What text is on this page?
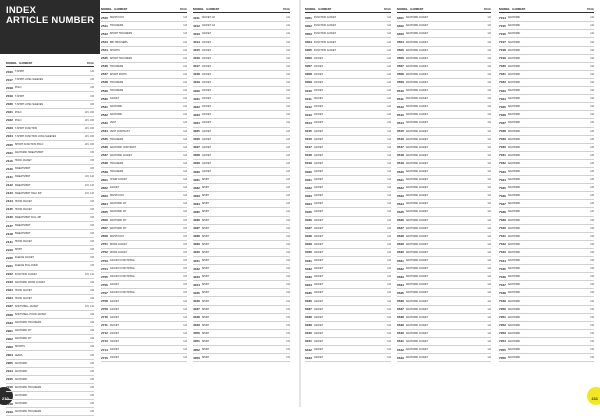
INDEX
ARTICLE NUMBER
210	211
MODEL GARMENT	PAGE
2016 T-SHIRT	115
2017 T-SHIRT LONG SLEEVES	115
2018 POLO	115
2019 T-SHIRT	115
2020 T-SHIRT LONG SLEEVES	115
2021 POLO	115, 166
2022 POLO	115, 166
2023 T-SHIRT FUNCTION	115, 166
2024 T-SHIRT FUNCTION LONG SLEEVES	115, 166
2025 SPORT FUNCTION POLO	115, 166
2041 ANATOMIC SWEATSHIRT	115
2116 HOOD JACKET	115
2120 SWEATSHIRT	115
2121 SWEATSHIRT	115, 116
2122 SWEATSHIRT	115, 116
2123 SWEATSHIRT HALF ZIP	115, 116
2124 HOOD JACKET	115
2125 HOOD JACKET	115
2126 SWEATSHIRT FULL ZIP	115
2127 SWEATSHIRT	115
2128 SWEATSHIRT	115
2131 HOOD JACKET	115
2219 SHIRT	115
2220 FLEECE JACKET	115
2221 FLEECE PULLOVER	115
2222 FUNCTION JACKET	115, 116
2223 ANATOMIC WORK JACKET	115
2324 HOOD JACKET	115
2324 HOOD JACKET	115
2327 SOFTSHELL JACKET	115, 116
2328 SOFTSHELL HOOD JACKET	115
2333 ANATOMIC TROUSERS	115
2901 ANATOMIC FIT	115
2902 ANATOMIC FIT	115
2903 SHORTS	115
2904 JEANS	115
2905 ANATOMIC	115
2914 ANATOMIC	115
2915 ANATOMIC	115
2916 ANATOMIC TROUSERS	115
2917 ANATOMIC	115
2918 ANATOMIC	115
2919 ANATOMIC TROUSERS	115
MODEL GARMENT	PAGE
2520 WAISTCOAT	113
2521 TROUSERS	113
2522 SHORT TROUSERS	113
2523 BIB TROUSERS	113
2524 SHORTS	113
2525 SHORT TROUSERS	113
2526 TROUSERS	113
2527 SHORT PANTS	113
2528 TROUSERS	113
2529 TROUSERS	113
2530 JACKET	113
2531 ANATOMIC	113
2532 ANATOMIC	113
2533 VEST	113
2534 VEST CONTRAST	113
2535 TROUSERS	113
2536 ANATOMIC CONTRAST	113
2537 ANATOMIC JACKET	113
2538 TROUSERS	113
2539 TROUSERS	113
2601 CHAIR JACKET	113
2602 JACKET	113
2603 WAISTCOAT	113
2604 ANATOMIC FIT	113
2605 ANATOMIC FIT	113
2606 ANATOMIC FIT	113
2607 ANATOMIC FIT	113
2608 WAISTCOAT	113
2701 WORK JACKET	113
2702 WORK JACKET	113
2703 JACKET FUNCTIONAL	113
2704 JACKET FUNCTIONAL	113
2705 JACKET FUNCTIONAL	113
2706 JACKET	113
2707 JACKET FUNCTIONAL	113
2708 JACKET	113
2709 JACKET	113
2710 JACKET	113
2711 JACKET	113
2712 JACKET	113
2713 JACKET	113
2714 JACKET	113
2715 JACKET	113
MODEL GARMENT	PAGE
4011 JACKET 1/2	112
4012 JACKET 1/2	112
4013 JACKET	112
4014 JACKET	112
4015 JACKET	112
4016 JACKET	112
4017 JACKET	112
4018 JACKET	112
4019 JACKET	112
4020 JACKET	112
4021 JACKET	112
4022 JACKET	112
4023 JACKET	112
4024 JACKET	112
4025 JACKET	112
4026 JACKET	112
4027 JACKET	112
4028 JACKET	112
4029 JACKET	112
4030 JACKET	112
4031 SHIRT	112
4032 SHIRT	112
4033 SHIRT	112
4034 SHIRT	112
4035 SHIRT	112
4036 SHIRT	112
4037 SHIRT	112
4038 SHIRT	112
4039 SHIRT	112
4040 SHIRT	112
4041 SHIRT	112
4042 SHIRT	112
4043 SHIRT	112
4044 SHIRT	112
4045 SHIRT	112
4046 SHIRT	112
4047 SHIRT	112
4048 SHIRT	112
4049 SHIRT	112
4050 SHIRT	112
4051 SHIRT	112
4052 SHIRT	112
4053 SHIRT	112
MODEL GARMENT	PAGE
6001 FUNCTION JACKET	112
6002 FUNCTION JACKET	112
6003 FUNCTION JACKET	112
6004 FUNCTION JACKET	112
6005 FUNCTION JACKET	112
6006 JACKET	112
6007 JACKET	112
6008 JACKET	112
6009 JACKET	112
6010 JACKET	112
6011 JACKET	112
6012 JACKET	112
6013 JACKET	112
6014 JACKET	112
6015 JACKET	112
6016 JACKET	112
6017 JACKET	112
6018 JACKET	112
6019 JACKET	112
6020 JACKET	112
6021 JACKET	112
6022 JACKET	112
6023 JACKET	112
6024 JACKET	112
6025 JACKET	112
6026 JACKET	112
6027 JACKET	112
6028 JACKET	112
6029 JACKET	112
6030 JACKET	112
6031 JACKET	112
6032 JACKET	112
6033 JACKET	112
6034 JACKET	112
6035 JACKET	112
6036 JACKET	112
6037 JACKET	112
6038 JACKET	112
6039 JACKET	112
6040 JACKET	112
6041 JACKET	112
6042 JACKET	112
6043 JACKET	112
MODEL GARMENT	PAGE
6501 ANATOMIC JACKET	111
6502 ANATOMIC JACKET	111
6503 ANATOMIC JACKET	111
6504 ANATOMIC JACKET	111
6505 ANATOMIC JACKET	111
6506 ANATOMIC JACKET	111
6507 ANATOMIC JACKET	111
6508 ANATOMIC JACKET	111
6509 ANATOMIC JACKET	111
6510 ANATOMIC JACKET	111
6511 ANATOMIC JACKET	111
6512 ANATOMIC JACKET	111
6513 ANATOMIC JACKET	111
6514 ANATOMIC JACKET	111
6515 ANATOMIC JACKET	111
6516 ANATOMIC JACKET	111
6517 ANATOMIC JACKET	111
6518 ANATOMIC JACKET	111
6519 ANATOMIC JACKET	111
6520 ANATOMIC JACKET	111
6521 ANATOMIC JACKET	111
6522 ANATOMIC JACKET	111
6523 ANATOMIC JACKET	111
6524 ANATOMIC JACKET	111
6525 ANATOMIC JACKET	111
6526 ANATOMIC JACKET	111
6527 ANATOMIC JACKET	111
6528 ANATOMIC JACKET	111
6529 ANATOMIC JACKET	111
6530 ANATOMIC JACKET	111
6531 ANATOMIC JACKET	111
6532 ANATOMIC JACKET	111
6533 ANATOMIC JACKET	111
6534 ANATOMIC JACKET	111
6535 ANATOMIC JACKET	111
6536 ANATOMIC JACKET	111
6537 ANATOMIC JACKET	111
6538 ANATOMIC JACKET	111
6539 ANATOMIC JACKET	111
6540 ANATOMIC JACKET	111
6541 ANATOMIC JACKET	111
6542 ANATOMIC JACKET	111
6543 ANATOMIC JACKET	111
MODEL GARMENT	PAGE
7014 ANATOMIC	110
7015 ANATOMIC	110
7016 ANATOMIC	110
7017 ANATOMIC	110
7018 ANATOMIC	110
7019 ANATOMIC	110
7020 ANATOMIC	110
7021 ANATOMIC	110
7022 ANATOMIC	110
7023 ANATOMIC	110
7024 ANATOMIC	110
7025 ANATOMIC	110
7026 ANATOMIC	110
7027 ANATOMIC	110
7028 ANATOMIC	110
7029 ANATOMIC	110
7030 ANATOMIC	110
7031 ANATOMIC	110
7032 ANATOMIC	110
7033 ANATOMIC	110
7034 ANATOMIC	110
7035 ANATOMIC	110
7036 ANATOMIC	110
7037 ANATOMIC	110
7038 ANATOMIC	110
7039 ANATOMIC	110
7040 ANATOMIC	110
7041 ANATOMIC	110
7042 ANATOMIC	110
7043 ANATOMIC	110
7044 ANATOMIC	110
7045 ANATOMIC	110
7046 ANATOMIC	110
7047 ANATOMIC	110
7048 ANATOMIC	110
7049 ANATOMIC	110
7050 ANATOMIC	110
7051 ANATOMIC	110
7052 ANATOMIC	110
7053 ANATOMIC	110
7054 ANATOMIC	110
7055 ANATOMIC	110
7056 ANATOMIC	110
